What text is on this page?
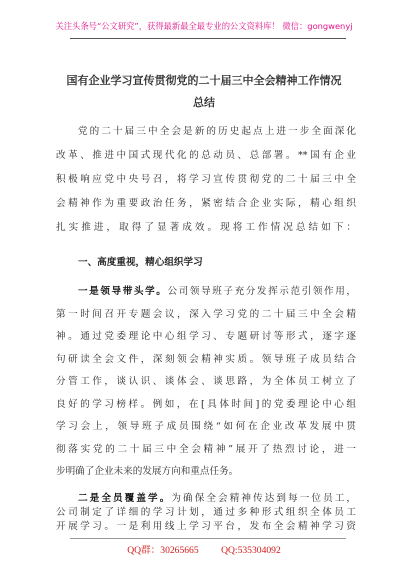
关注头条号“公文研究”，获得最新最全最专业的公文资料库！ 微信：gongwenyj
国有企业学习宣传贯彻党的二十届三中全会精神工作情况
总结
党的二十届三中全会是新的历史起点上进一步全面深化
改革、推进中国式现代化的总动员、总部署。**国有企业
积极响应党中央号召，将学习宣传贯彻党的二十届三中全
会精神作为重要政治任务，紧密结合企业实际，精心组织
扎实推进，取得了显著成效。现将工作情况总结如下：
一、高度重视，精心组织学习
一是领导带头学。公司领导班子充分发挥示范引领作用，
第一时间召开专题会议，深入学习党的二十届三中全会精
神。通过党委理论中心组学习、专题研讨等形式，逐字逐
句研读全会文件，深刻领会精神实质。领导班子成员结合
分管工作，谈认识、谈体会、谈思路，为全体员工树立了
良好的学习榜样。例如，在[具体时间]的党委理论中心组
学习会上，领导班子成员围绕“如何在企业改革发展中贯
彻落实党的二十届三中全会精神”展开了热烈讨论，进一
步明确了企业未来的发展方向和重点任务。
二是全员覆盖学。为确保全会精神传达到每一位员工，
公司制定了详细的学习计划，通过多种形式组织全体员工
开展学习。一是利用线上学习平台，发布全会精神学习资
QQ群：30265665 QQ:535304092
